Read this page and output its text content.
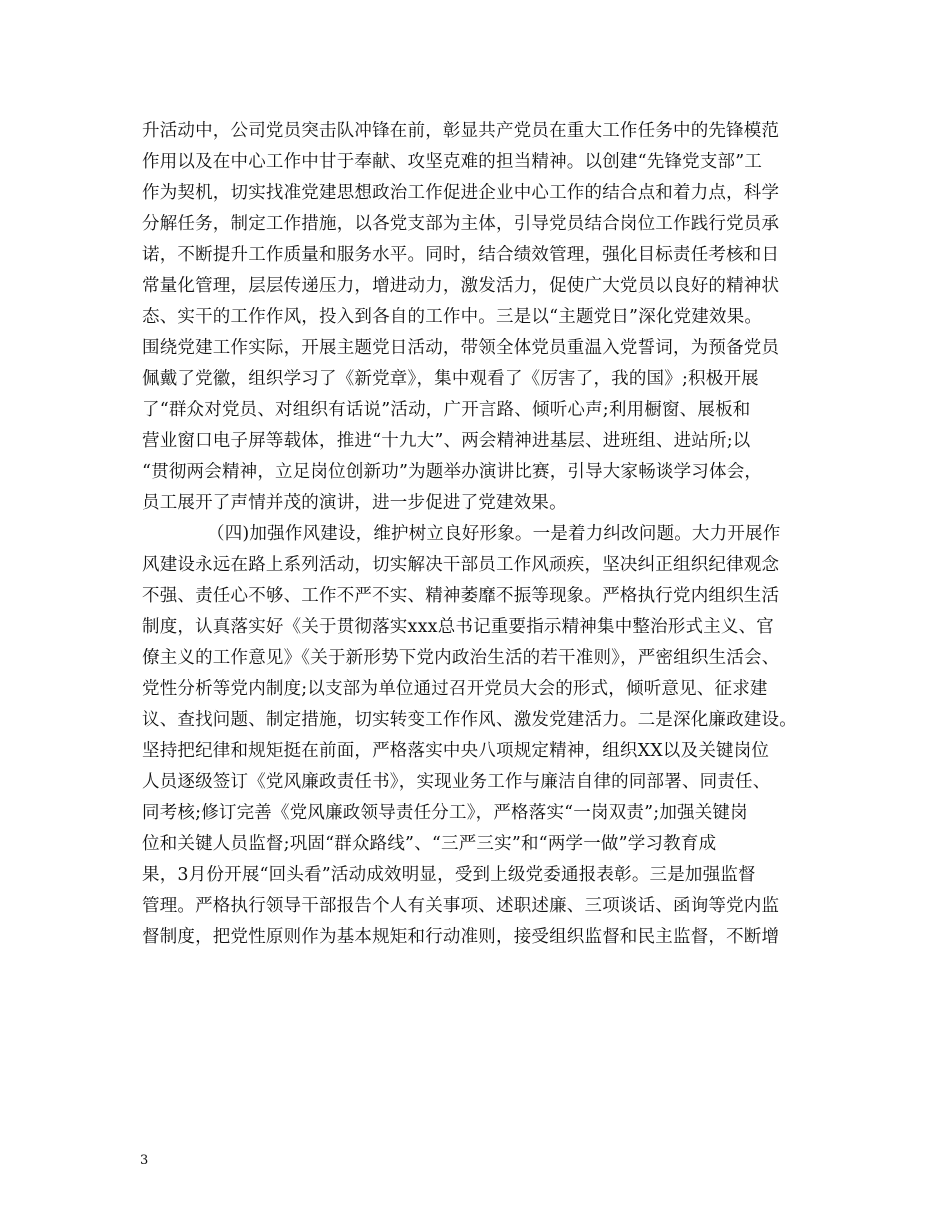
升活动中，公司党员突击队冲锋在前，彰显共产党员在重大工作任务中的先锋模范
作用以及在中心工作中甘于奉献、攻坚克难的担当精神。以创建“先锋党支部”工
作为契机，切实找准党建思想政治工作促进企业中心工作的结合点和着力点，科学
分解任务，制定工作措施，以各党支部为主体，引导党员结合岗位工作践行党员承
诺，不断提升工作质量和服务水平。同时，结合绩效管理，强化目标责任考核和日
常量化管理，层层传递压力，增进动力，激发活力，促使广大党员以良好的精神状
态、实干的工作作风，投入到各自的工作中。三是以“主题党日”深化党建效果。
围绕党建工作实际，开展主题党日活动，带领全体党员重温入党誓词，为预备党员
佩戴了党徽，组织学习了《新党章》，集中观看了《厉害了，我的国》;积极开展
了“群众对党员、对组织有话说”活动，广开言路、倾听心声;利用橱窗、展板和
营业窗口电子屏等载体，推进“十九大”、两会精神进基层、进班组、进站所;以
“贯彻两会精神，立足岗位创新功”为题举办演讲比赛，引导大家畅谈学习体会，
员工展开了声情并茂的演讲，进一步促进了党建效果。
（四)加强作风建设，维护树立良好形象。一是着力纠改问题。大力开展作
风建设永远在路上系列活动，切实解决干部员工作风顽疾，坚决纠正组织纪律观念
不强、责任心不够、工作不严不实、精神萎靡不振等现象。严格执行党内组织生活
制度，认真落实好《关于贯彻落实xxx总书记重要指示精神集中整治形式主义、官
僚主义的工作意见》《关于新形势下党内政治生活的若干准则》，严密组织生活会、
党性分析等党内制度;以支部为单位通过召开党员大会的形式，倾听意见、征求建
议、查找问题、制定措施，切实转变工作作风、激发党建活力。二是深化廉政建设。
坚持把纪律和规矩挺在前面，严格落实中央八项规定精神，组织XX以及关键岗位
人员逐级签订《党风廉政责任书》，实现业务工作与廉洁自律的同部署、同责任、
同考核;修订完善《党风廉政领导责任分工》，严格落实“一岗双责”;加强关键岗
位和关键人员监督;巩固“群众路线”、“三严三实”和“两学一做”学习教育成
果，3月份开展“回头看”活动成效明显，受到上级党委通报表彰。三是加强监督
管理。严格执行领导干部报告个人有关事项、述职述廉、三项谈话、函询等党内监
督制度，把党性原则作为基本规矩和行动准则，接受组织监督和民主监督，不断增
3
